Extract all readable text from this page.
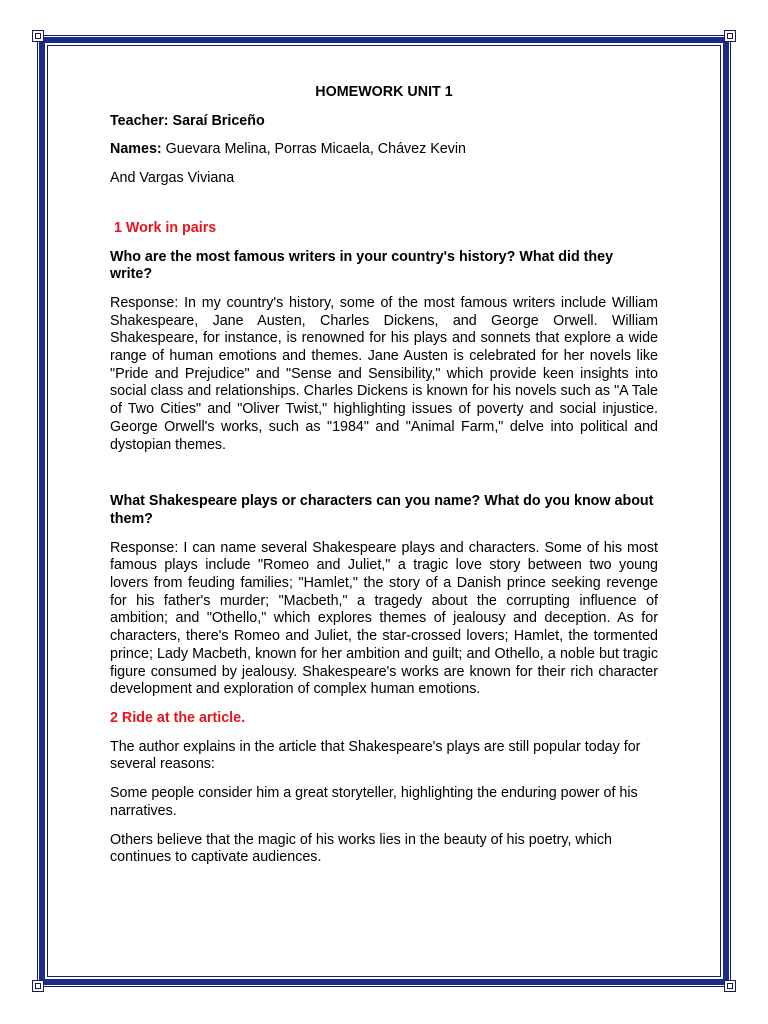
HOMEWORK UNIT 1

Teacher: Saraí Briceño

Names: Guevara Melina, Porras Micaela, Chávez Kevin

And Vargas Viviana

1 Work in pairs

Who are the most famous writers in your country's history? What did they write?

Response: In my country's history, some of the most famous writers include William Shakespeare, Jane Austen, Charles Dickens, and George Orwell. William Shakespeare, for instance, is renowned for his plays and sonnets that explore a wide range of human emotions and themes. Jane Austen is celebrated for her novels like "Pride and Prejudice" and "Sense and Sensibility," which provide keen insights into social class and relationships. Charles Dickens is known for his novels such as "A Tale of Two Cities" and "Oliver Twist," highlighting issues of poverty and social injustice. George Orwell's works, such as "1984" and "Animal Farm," delve into political and dystopian themes.

What Shakespeare plays or characters can you name? What do you know about them?

Response: I can name several Shakespeare plays and characters. Some of his most famous plays include "Romeo and Juliet," a tragic love story between two young lovers from feuding families; "Hamlet," the story of a Danish prince seeking revenge for his father's murder; "Macbeth," a tragedy about the corrupting influence of ambition; and "Othello," which explores themes of jealousy and deception. As for characters, there's Romeo and Juliet, the star-crossed lovers; Hamlet, the tormented prince; Lady Macbeth, known for her ambition and guilt; and Othello, a noble but tragic figure consumed by jealousy. Shakespeare's works are known for their rich character development and exploration of complex human emotions.

2 Ride at the article.

The author explains in the article that Shakespeare's plays are still popular today for several reasons:

Some people consider him a great storyteller, highlighting the enduring power of his narratives.

Others believe that the magic of his works lies in the beauty of his poetry, which continues to captivate audiences.
